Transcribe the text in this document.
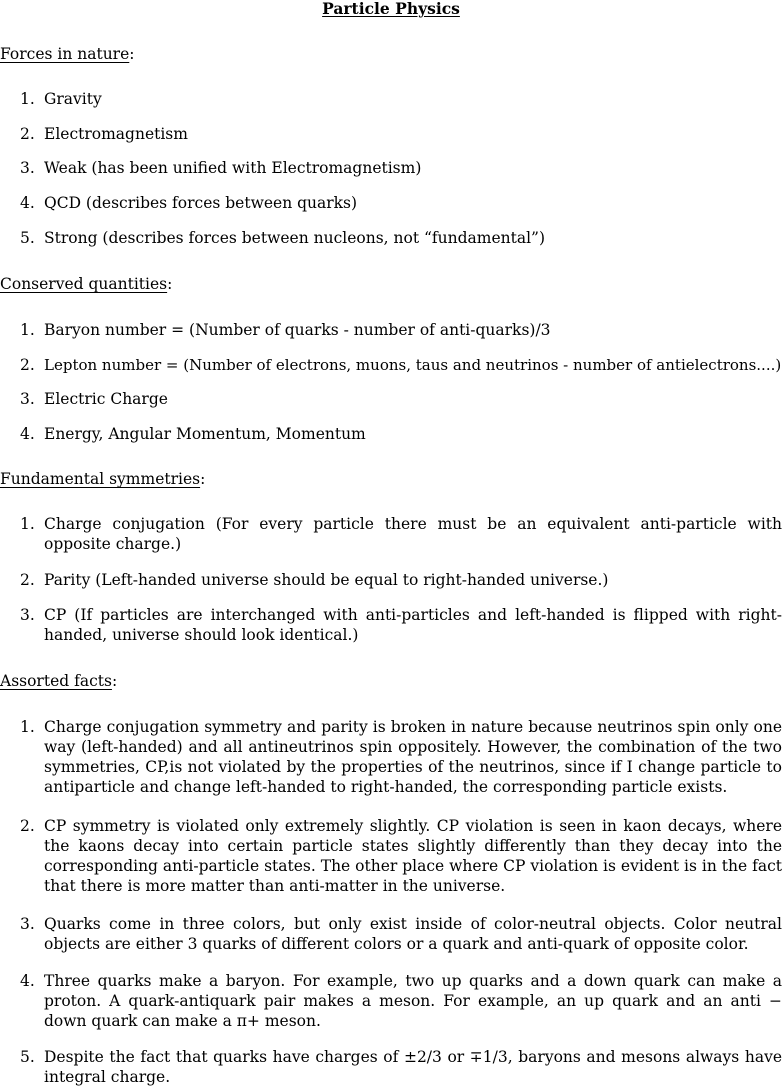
Particle Physics
Forces in nature:
1. Gravity
2. Electromagnetism
3. Weak (has been unified with Electromagnetism)
4. QCD (describes forces between quarks)
5. Strong (describes forces between nucleons, not “fundamental”)
Conserved quantities:
1. Baryon number = (Number of quarks - number of anti-quarks)/3
2. Lepton number = (Number of electrons, muons, taus and neutrinos - number of antielectrons....)
3. Electric Charge
4. Energy, Angular Momentum, Momentum
Fundamental symmetries:
1. Charge conjugation (For every particle there must be an equivalent anti-particle with opposite charge.)
2. Parity (Left-handed universe should be equal to right-handed universe.)
3. CP (If particles are interchanged with anti-particles and left-handed is flipped with right-handed, universe should look identical.)
Assorted facts:
1. Charge conjugation symmetry and parity is broken in nature because neutrinos spin only one way (left-handed) and all antineutrinos spin oppositely. However, the combination of the two symmetries, CP,is not violated by the properties of the neutrinos, since if I change particle to antiparticle and change left-handed to right-handed, the corresponding particle exists.
2. CP symmetry is violated only extremely slightly. CP violation is seen in kaon decays, where the kaons decay into certain particle states slightly differently than they decay into the corresponding anti-particle states. The other place where CP violation is evident is in the fact that there is more matter than anti-matter in the universe.
3. Quarks come in three colors, but only exist inside of color-neutral objects. Color neutral objects are either 3 quarks of different colors or a quark and anti-quark of opposite color.
4. Three quarks make a baryon. For example, two up quarks and a down quark can make a proton. A quark-antiquark pair makes a meson. For example, an up quark and an anti − down quark can make a π+ meson.
5. Despite the fact that quarks have charges of ±2/3 or ∓1/3, baryons and mesons always have integral charge.
